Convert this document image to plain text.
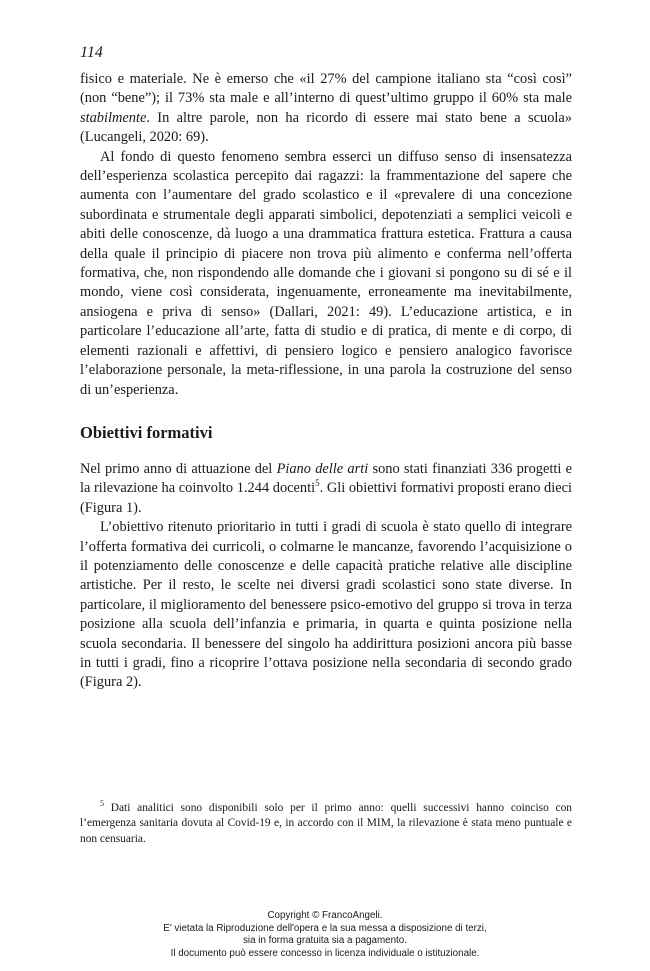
114

fisico e materiale. Ne è emerso che «il 27% del campione italiano sta “così così” (non “bene”); il 73% sta male e all’interno di quest’ultimo gruppo il 60% sta male stabilmente. In altre parole, non ha ricordo di essere mai stato bene a scuola» (Lucangeli, 2020: 69).

Al fondo di questo fenomeno sembra esserci un diffuso senso di insensatezza dell’esperienza scolastica percepito dai ragazzi: la frammentazione del sapere che aumenta con l’aumentare del grado scolastico e il «prevalere di una concezione subordinata e strumentale degli apparati simbolici, depotenziati a semplici veicoli e abiti delle conoscenze, dà luogo a una drammatica frattura estetica. Frattura a causa della quale il principio di piacere non trova più alimento e conferma nell’offerta formativa, che, non rispondendo alle domande che i giovani si pongono su di sé e il mondo, viene così considerata, ingenuamente, erroneamente ma inevitabilmente, ansiogena e priva di senso» (Dallari, 2021: 49). L’educazione artistica, e in particolare l’educazione all’arte, fatta di studio e di pratica, di mente e di corpo, di elementi razionali e affettivi, di pensiero logico e pensiero analogico favorisce l’elaborazione personale, la meta-riflessione, in una parola la costruzione del senso di un’esperienza.

Obiettivi formativi

Nel primo anno di attuazione del Piano delle arti sono stati finanziati 336 progetti e la rilevazione ha coinvolto 1.244 docenti$^5$. Gli obiettivi formativi proposti erano dieci (Figura 1).

L’obiettivo ritenuto prioritario in tutti i gradi di scuola è stato quello di integrare l’offerta formativa dei curricoli, o colmarne le mancanze, favorendo l’acquisizione o il potenziamento delle conoscenze e delle capacità pratiche relative alle discipline artistiche. Per il resto, le scelte nei diversi gradi scolastici sono state diverse. In particolare, il miglioramento del benessere psico-emotivo del gruppo si trova in terza posizione alla scuola dell’infanzia e primaria, in quarta e quinta posizione nella scuola secondaria. Il benessere del singolo ha addirittura posizioni ancora più basse in tutti i gradi, fino a ricoprire l’ottava posizione nella secondaria di secondo grado (Figura 2).

$^5$ Dati analitici sono disponibili solo per il primo anno: quelli successivi hanno coinciso con l’emergenza sanitaria dovuta al Covid-19 e, in accordo con il MIM, la rilevazione è stata meno puntuale e non censuaria.
Copyright © FrancoAngeli.
E' vietata la Riproduzione dell'opera e la sua messa a disposizione di terzi,
sia in forma gratuita sia a pagamento.
Il documento può essere concesso in licenza individuale o istituzionale.
